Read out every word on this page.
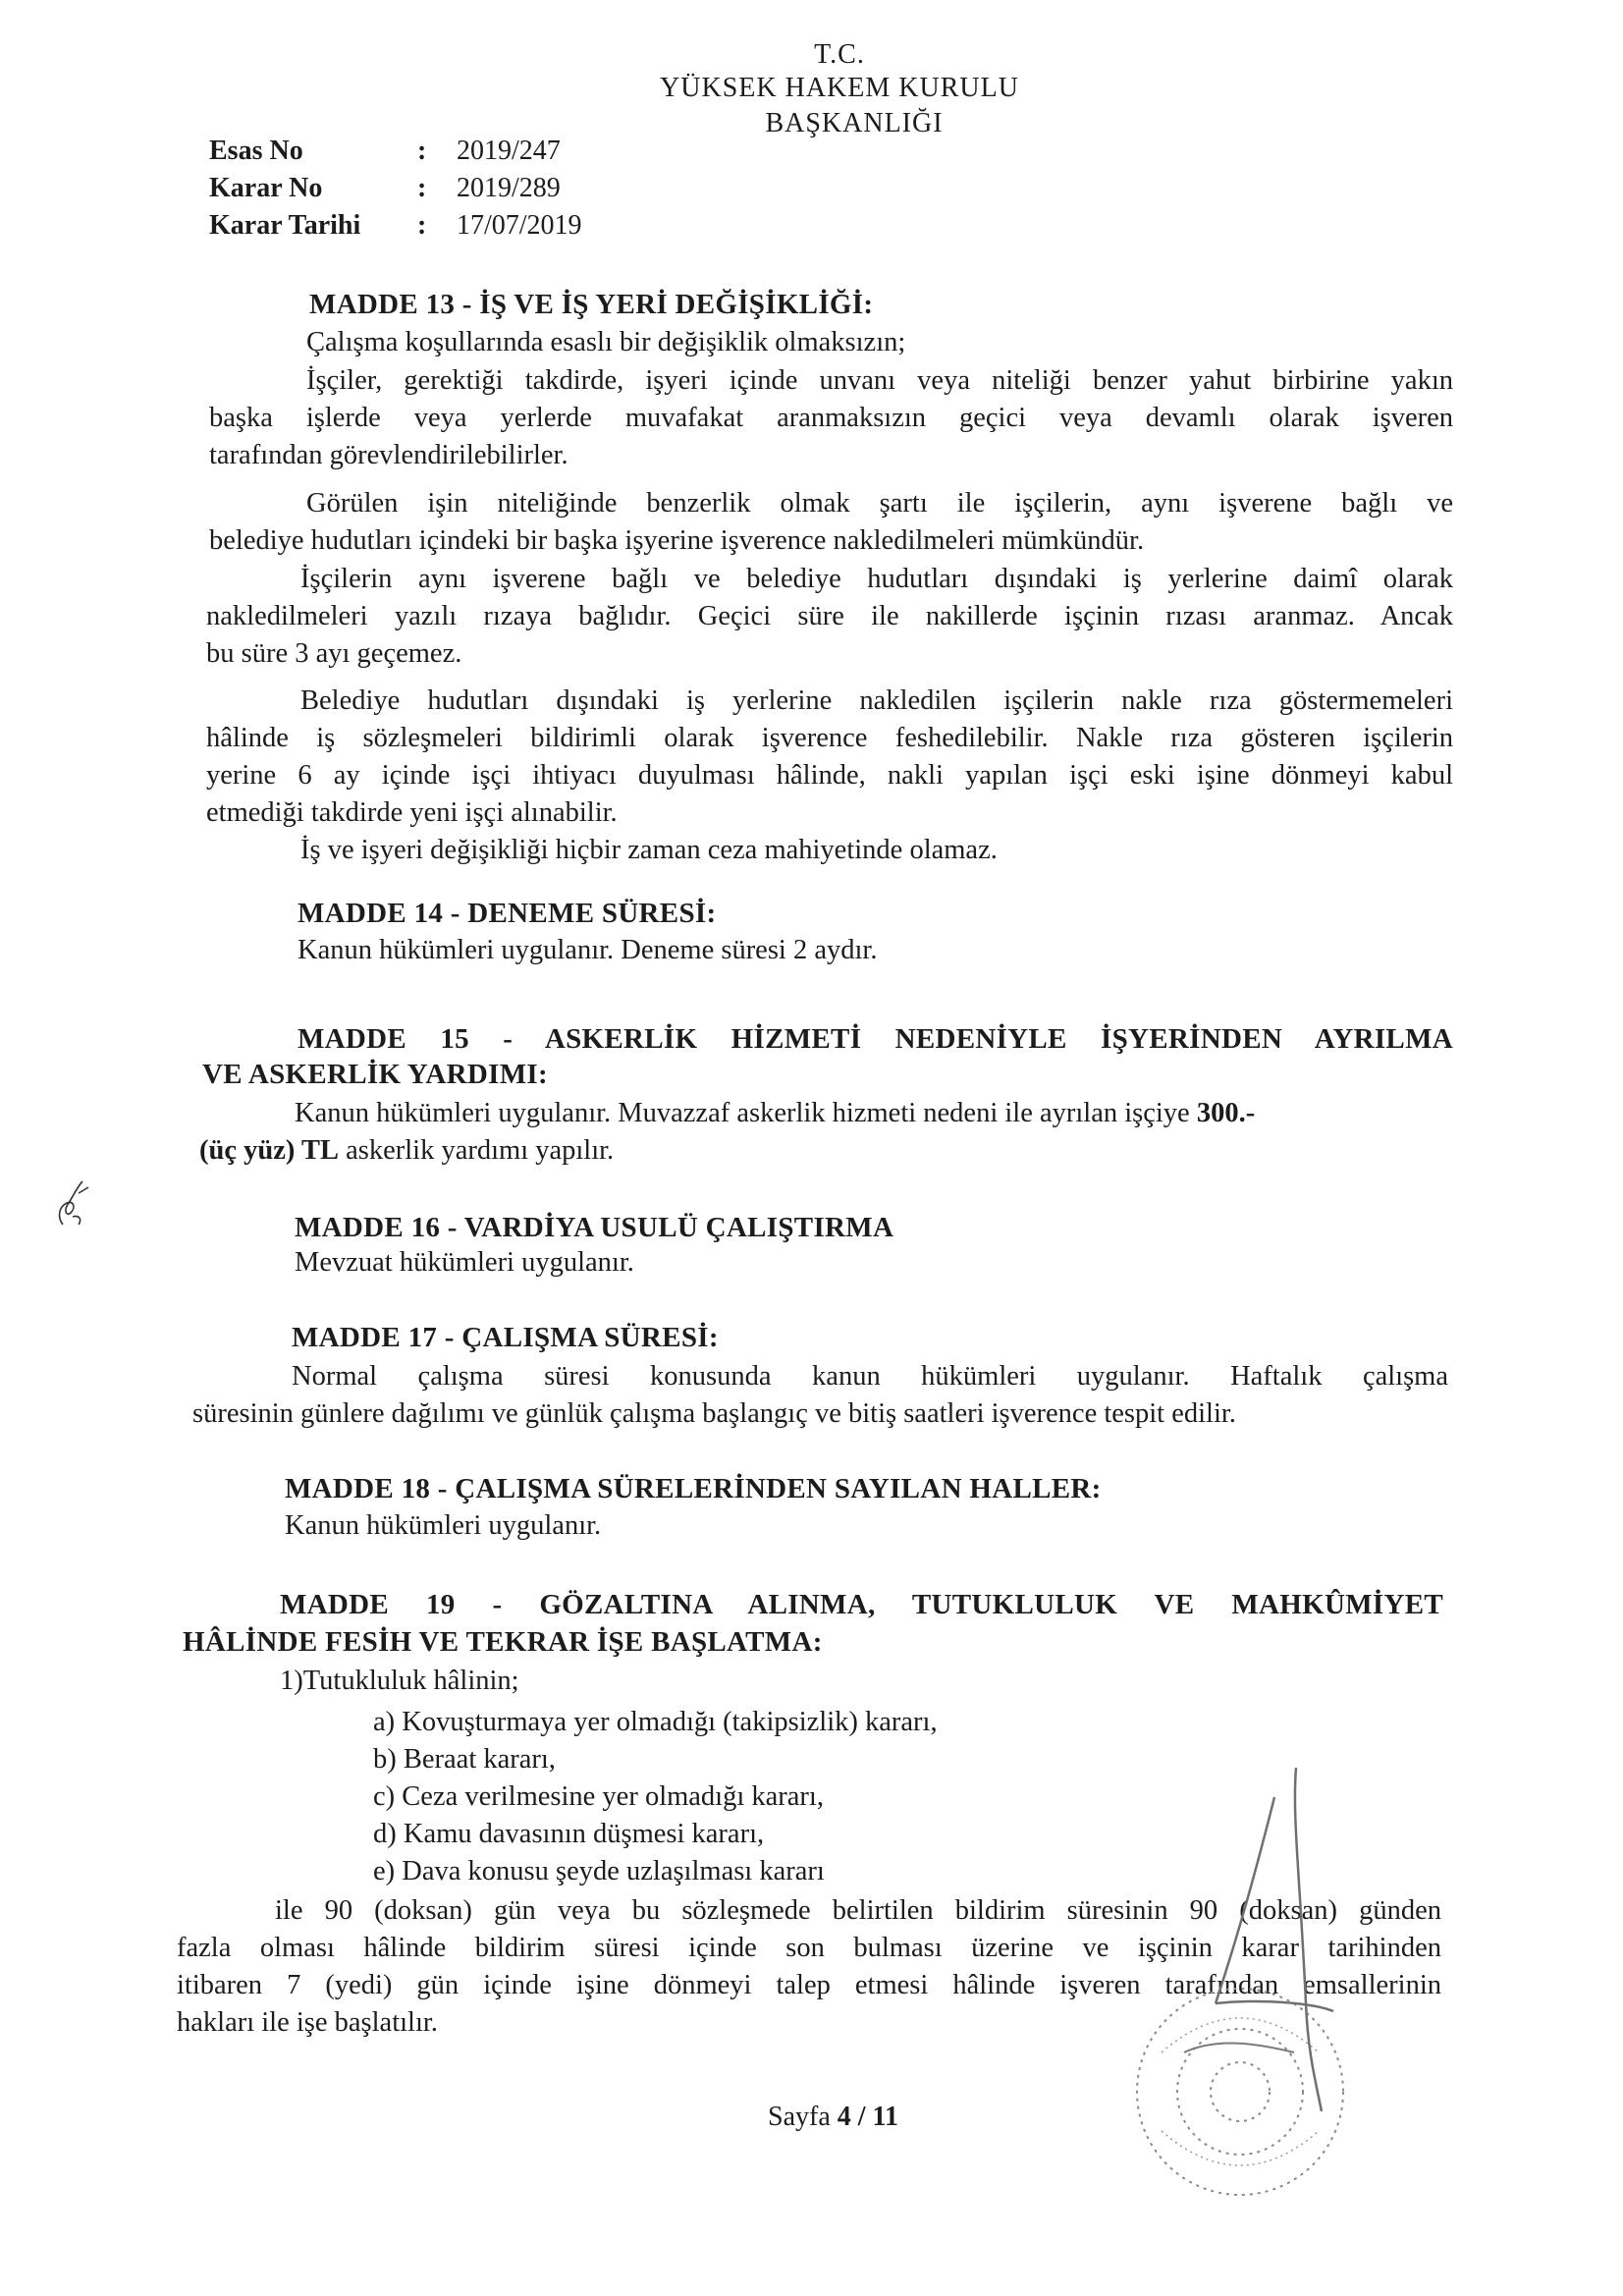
T.C.
YÜKSEK HAKEM KURULU
BAŞKANLIĞI
Esas No	: 2019/247
Karar No	: 2019/289
Karar Tarihi : 17/07/2019
MADDE 13 - İŞ VE İŞ YERİ DEĞİŞİKLİĞİ:
Çalışma koşullarında esaslı bir değişiklik olmaksızın;
İşçiler, gerektiği takdirde, işyeri içinde unvanı veya niteliği benzer yahut birbirine yakın
başka işlerde veya yerlerde muvafakat aranmaksızın geçici veya devamlı olarak işveren
tarafından görevlendirilebilirler.
Görülen işin niteliğinde benzerlik olmak şartı ile işçilerin, aynı işverene bağlı ve
belediye hudutları içindeki bir başka işyerine işverence nakledilmeleri mümkündür.
İşçilerin aynı işverene bağlı ve belediye hudutları dışındaki iş yerlerine daimî olarak
nakledilmeleri yazılı rızaya bağlıdır. Geçici süre ile nakillerde işçinin rızası aranmaz. Ancak
bu süre 3 ayı geçemez.
Belediye hudutları dışındaki iş yerlerine nakledilen işçilerin nakle rıza göstermemeleri
hâlinde iş sözleşmeleri bildirimli olarak işverence feshedilebilir. Nakle rıza gösteren işçilerin
yerine 6 ay içinde işçi ihtiyacı duyulması hâlinde, nakli yapılan işçi eski işine dönmeyi kabul
etmediği takdirde yeni işçi alınabilir.
İş ve işyeri değişikliği hiçbir zaman ceza mahiyetinde olamaz.
MADDE 14 - DENEME SÜRESİ:
Kanun hükümleri uygulanır. Deneme süresi 2 aydır.
MADDE 15 - ASKERLİK HİZMETİ NEDENİYLE İŞYERİNDEN AYRILMA
VE ASKERLİK YARDIMI:
Kanun hükümleri uygulanır. Muvazzaf askerlik hizmeti nedeni ile ayrılan işçiye 300.-
(üç yüz) TL askerlik yardımı yapılır.
MADDE 16 - VARDİYA USULÜ ÇALIŞTIRMA
Mevzuat hükümleri uygulanır.
MADDE 17 - ÇALIŞMA SÜRESİ:
Normal çalışma süresi konusunda kanun hükümleri uygulanır. Haftalık çalışma
süresinin günlere dağılımı ve günlük çalışma başlangıç ve bitiş saatleri işverence tespit edilir.
MADDE 18 - ÇALIŞMA SÜRELERİNDEN SAYILAN HALLER:
Kanun hükümleri uygulanır.
MADDE 19 - GÖZALTINA ALINMA, TUTUKLULUK VE MAHKÛMİYET
HÂLİNDE FESİH VE TEKRAR İŞE BAŞLATMA:
1)Tutukluluk hâlinin;
a) Kovuşturmaya yer olmadığı (takipsizlik) kararı,
b) Beraat kararı,
c) Ceza verilmesine yer olmadığı kararı,
d) Kamu davasının düşmesi kararı,
e) Dava konusu şeyde uzlaşılması kararı
ile 90 (doksan) gün veya bu sözleşmede belirtilen bildirim süresinin 90 (doksan) günden
fazla olması hâlinde bildirim süresi içinde son bulması üzerine ve işçinin karar tarihinden
itibaren 7 (yedi) gün içinde işine dönmeyi talep etmesi hâlinde işveren tarafından emsallerinin
hakları ile işe başlatılır.
Sayfa 4 / 11
